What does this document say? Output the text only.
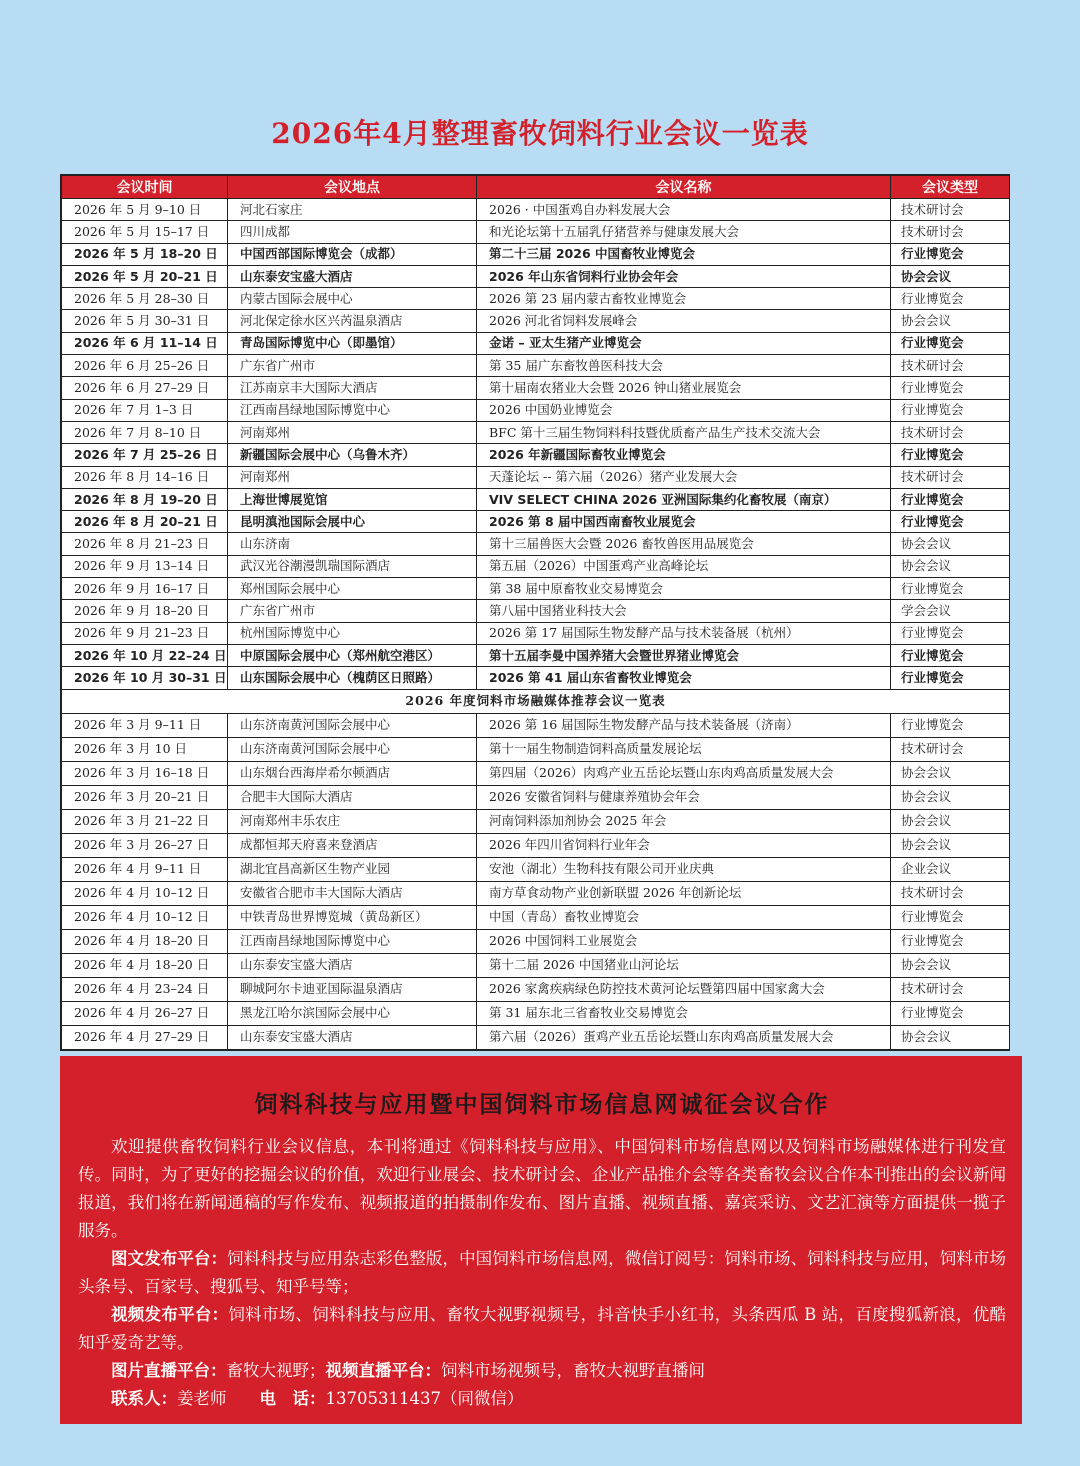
2026年4月整理畜牧饲料行业会议一览表
会议时间	会议地点	会议名称	会议类型
2026 年 5 月 9–10 日	河北石家庄	2026 · 中国蛋鸡自办料发展大会	技术研讨会
2026 年 5 月 15–17 日	四川成都	和光论坛第十五届乳仔猪营养与健康发展大会	技术研讨会
2026 年 5 月 18–20 日	中国西部国际博览会（成都）	第二十三届 2026 中国畜牧业博览会	行业博览会
2026 年 5 月 20–21 日	山东泰安宝盛大酒店	2026 年山东省饲料行业协会年会	协会会议
2026 年 5 月 28–30 日	内蒙古国际会展中心	2026 第 23 届内蒙古畜牧业博览会	行业博览会
2026 年 5 月 30–31 日	河北保定徐水区兴芮温泉酒店	2026 河北省饲料发展峰会	协会会议
2026 年 6 月 11–14 日	青岛国际博览中心（即墨馆）	金诺 – 亚太生猪产业博览会	行业博览会
2026 年 6 月 25–26 日	广东省广州市	第 35 届广东畜牧兽医科技大会	技术研讨会
2026 年 6 月 27–29 日	江苏南京丰大国际大酒店	第十届南农猪业大会暨 2026 钟山猪业展览会	行业博览会
2026 年 7 月 1–3 日	江西南昌绿地国际博览中心	2026 中国奶业博览会	行业博览会
2026 年 7 月 8–10 日	河南郑州	BFC 第十三届生物饲料科技暨优质畜产品生产技术交流大会	技术研讨会
2026 年 7 月 25–26 日	新疆国际会展中心（乌鲁木齐）	2026 年新疆国际畜牧业博览会	行业博览会
2026 年 8 月 14–16 日	河南郑州	天蓬论坛 -- 第六届（2026）猪产业发展大会	技术研讨会
2026 年 8 月 19–20 日	上海世博展览馆	VIV SELECT CHINA 2026 亚洲国际集约化畜牧展（南京）	行业博览会
2026 年 8 月 20–21 日	昆明滇池国际会展中心	2026 第 8 届中国西南畜牧业展览会	行业博览会
2026 年 8 月 21–23 日	山东济南	第十三届兽医大会暨 2026 畜牧兽医用品展览会	协会会议
2026 年 9 月 13–14 日	武汉光谷潮漫凯瑞国际酒店	第五届（2026）中国蛋鸡产业高峰论坛	协会会议
2026 年 9 月 16–17 日	郑州国际会展中心	第 38 届中原畜牧业交易博览会	行业博览会
2026 年 9 月 18–20 日	广东省广州市	第八届中国猪业科技大会	学会会议
2026 年 9 月 21–23 日	杭州国际博览中心	2026 第 17 届国际生物发酵产品与技术装备展（杭州）	行业博览会
2026 年 10 月 22–24 日	中原国际会展中心（郑州航空港区）	第十五届李曼中国养猪大会暨世界猪业博览会	行业博览会
2026 年 10 月 30–31 日	山东国际会展中心（槐荫区日照路）	2026 第 41 届山东省畜牧业博览会	行业博览会
2026 年度饲料市场融媒体推荐会议一览表			
2026 年 3 月 9–11 日	山东济南黄河国际会展中心	2026 第 16 届国际生物发酵产品与技术装备展（济南）	行业博览会
2026 年 3 月 10 日	山东济南黄河国际会展中心	第十一届生物制造饲料高质量发展论坛	技术研讨会
2026 年 3 月 16–18 日	山东烟台西海岸希尔顿酒店	第四届（2026）肉鸡产业五岳论坛暨山东肉鸡高质量发展大会	协会会议
2026 年 3 月 20–21 日	合肥丰大国际大酒店	2026 安徽省饲料与健康养殖协会年会	协会会议
2026 年 3 月 21–22 日	河南郑州丰乐农庄	河南饲料添加剂协会 2025 年会	协会会议
2026 年 3 月 26–27 日	成都恒邦天府喜来登酒店	2026 年四川省饲料行业年会	协会会议
2026 年 4 月 9–11 日	湖北宜昌高新区生物产业园	安池（湖北）生物科技有限公司开业庆典	企业会议
2026 年 4 月 10–12 日	安徽省合肥市丰大国际大酒店	南方草食动物产业创新联盟 2026 年创新论坛	技术研讨会
2026 年 4 月 10–12 日	中铁青岛世界博览城（黄岛新区）	中国（青岛）畜牧业博览会	行业博览会
2026 年 4 月 18–20 日	江西南昌绿地国际博览中心	2026 中国饲料工业展览会	行业博览会
2026 年 4 月 18–20 日	山东泰安宝盛大酒店	第十二届 2026 中国猪业山河论坛	协会会议
2026 年 4 月 23–24 日	聊城阿尔卡迪亚国际温泉酒店	2026 家禽疾病绿色防控技术黄河论坛暨第四届中国家禽大会	技术研讨会
2026 年 4 月 26–27 日	黑龙江哈尔滨国际会展中心	第 31 届东北三省畜牧业交易博览会	行业博览会
2026 年 4 月 27–29 日	山东泰安宝盛大酒店	第六届（2026）蛋鸡产业五岳论坛暨山东肉鸡高质量发展大会	协会会议
饲料科技与应用暨中国饲料市场信息网诚征会议合作

欢迎提供畜牧饲料行业会议信息，本刊将通过《饲料科技与应用》、中国饲料市场信息网以及饲料市场融媒体进行刊发宣传。同时，为了更好的挖掘会议的价值，欢迎行业展会、技术研讨会、企业产品推介会等各类畜牧会议合作本刊推出的会议新闻报道，我们将在新闻通稿的写作发布、视频报道的拍摄制作发布、图片直播、视频直播、嘉宾采访、文艺汇演等方面提供一揽子服务。

图文发布平台：饲料科技与应用杂志彩色整版，中国饲料市场信息网，微信订阅号：饲料市场、饲料科技与应用，饲料市场头条号、百家号、搜狐号、知乎号等；

视频发布平台：饲料市场、饲料科技与应用、畜牧大视野视频号，抖音快手小红书，头条西瓜 B 站，百度搜狐新浪，优酷知乎爱奇艺等。

图片直播平台：畜牧大视野；视频直播平台：饲料市场视频号，畜牧大视野直播间

联系人：姜老师　　 电　话：13705311437（同微信）
